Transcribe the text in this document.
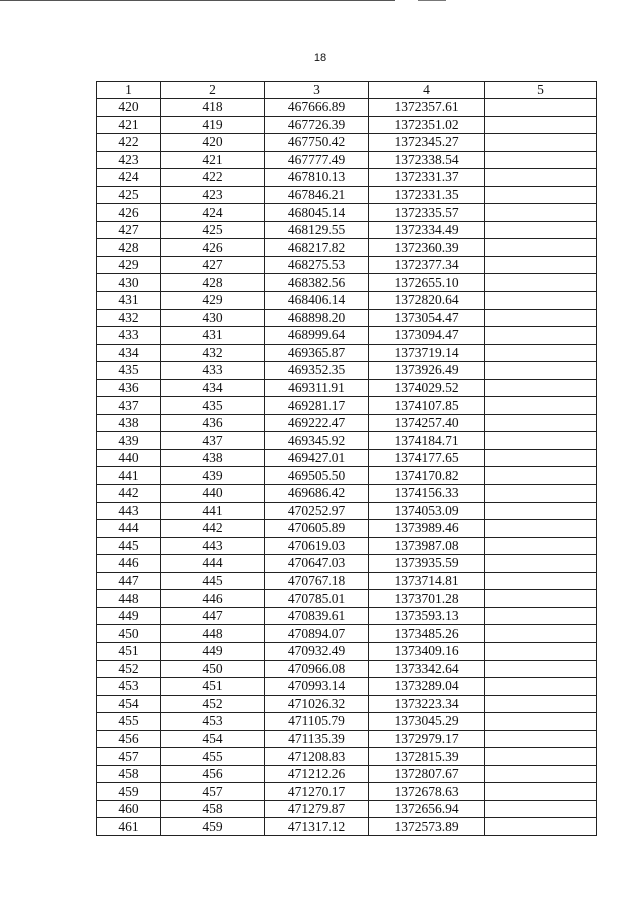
18
1	2	3	4	5
420	418	467666.89	1372357.61	
421	419	467726.39	1372351.02	
422	420	467750.42	1372345.27	
423	421	467777.49	1372338.54	
424	422	467810.13	1372331.37	
425	423	467846.21	1372331.35	
426	424	468045.14	1372335.57	
427	425	468129.55	1372334.49	
428	426	468217.82	1372360.39	
429	427	468275.53	1372377.34	
430	428	468382.56	1372655.10	
431	429	468406.14	1372820.64	
432	430	468898.20	1373054.47	
433	431	468999.64	1373094.47	
434	432	469365.87	1373719.14	
435	433	469352.35	1373926.49	
436	434	469311.91	1374029.52	
437	435	469281.17	1374107.85	
438	436	469222.47	1374257.40	
439	437	469345.92	1374184.71	
440	438	469427.01	1374177.65	
441	439	469505.50	1374170.82	
442	440	469686.42	1374156.33	
443	441	470252.97	1374053.09	
444	442	470605.89	1373989.46	
445	443	470619.03	1373987.08	
446	444	470647.03	1373935.59	
447	445	470767.18	1373714.81	
448	446	470785.01	1373701.28	
449	447	470839.61	1373593.13	
450	448	470894.07	1373485.26	
451	449	470932.49	1373409.16	
452	450	470966.08	1373342.64	
453	451	470993.14	1373289.04	
454	452	471026.32	1373223.34	
455	453	471105.79	1373045.29	
456	454	471135.39	1372979.17	
457	455	471208.83	1372815.39	
458	456	471212.26	1372807.67	
459	457	471270.17	1372678.63	
460	458	471279.87	1372656.94	
461	459	471317.12	1372573.89	
